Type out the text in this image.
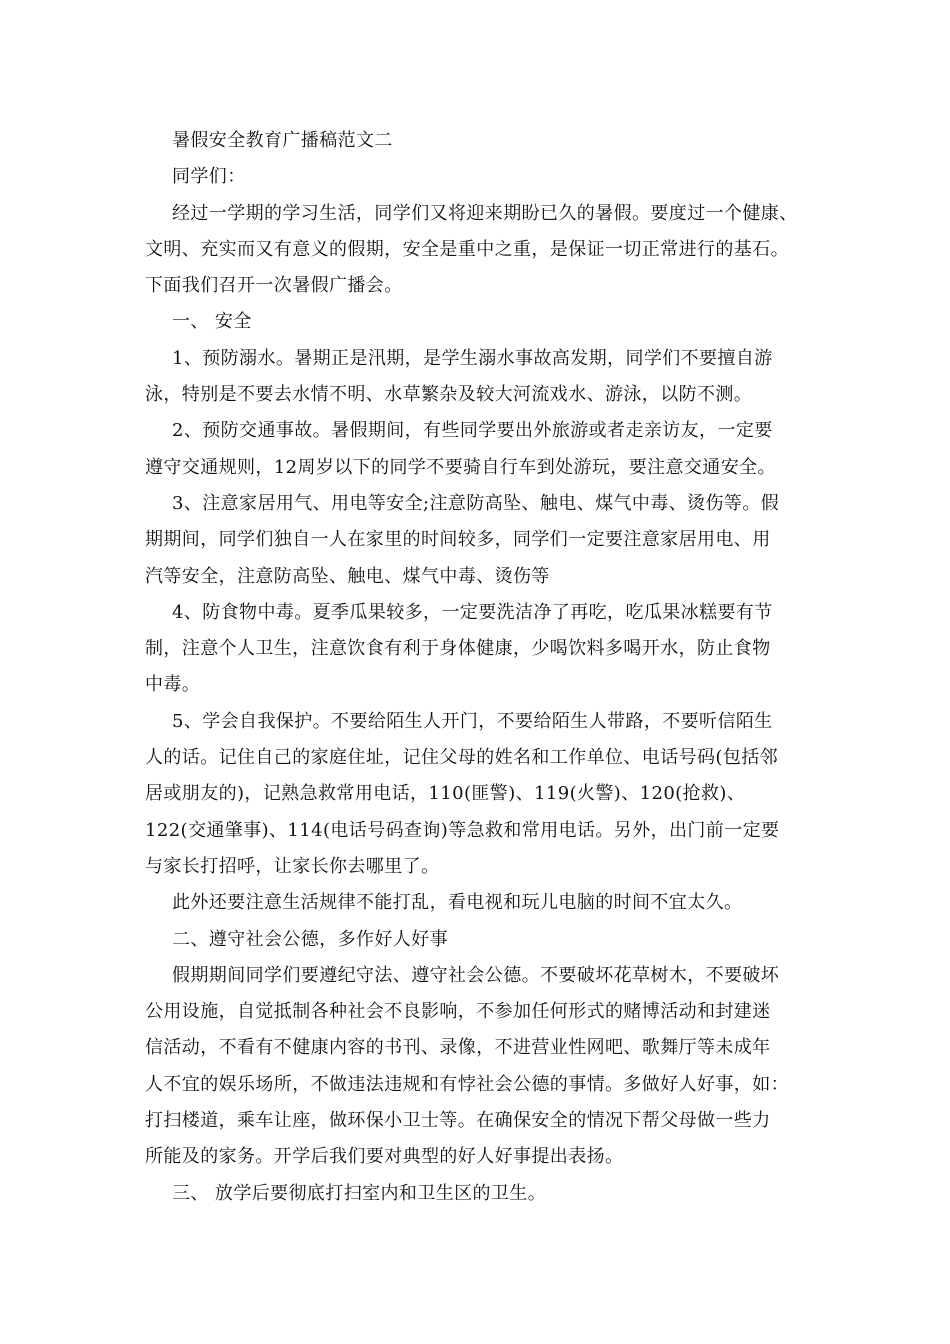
暑假安全教育广播稿范文二
同学们：
经过一学期的学习生活，同学们又将迎来期盼已久的暑假。要度过一个健康、
文明、充实而又有意义的假期，安全是重中之重，是保证一切正常进行的基石。
下面我们召开一次暑假广播会。
一、 安全
1、预防溺水。暑期正是汛期，是学生溺水事故高发期，同学们不要擅自游
泳，特别是不要去水情不明、水草繁杂及较大河流戏水、游泳，以防不测。
2、预防交通事故。暑假期间，有些同学要出外旅游或者走亲访友，一定要
遵守交通规则，12周岁以下的同学不要骑自行车到处游玩，要注意交通安全。
3、注意家居用气、用电等安全;注意防高坠、触电、煤气中毒、烫伤等。假
期期间，同学们独自一人在家里的时间较多，同学们一定要注意家居用电、用
汽等安全，注意防高坠、触电、煤气中毒、烫伤等
4、防食物中毒。夏季瓜果较多，一定要洗洁净了再吃，吃瓜果冰糕要有节
制，注意个人卫生，注意饮食有利于身体健康，少喝饮料多喝开水，防止食物
中毒。
5、学会自我保护。不要给陌生人开门，不要给陌生人带路，不要听信陌生
人的话。记住自己的家庭住址，记住父母的姓名和工作单位、电话号码(包括邻
居或朋友的)，记熟急救常用电话，110(匪警)、119(火警)、120(抢救)、
122(交通肇事)、114(电话号码查询)等急救和常用电话。另外，出门前一定要
与家长打招呼，让家长你去哪里了。
此外还要注意生活规律不能打乱，看电视和玩儿电脑的时间不宜太久。
二、遵守社会公德，多作好人好事
假期期间同学们要遵纪守法、遵守社会公德。不要破坏花草树木，不要破坏
公用设施，自觉抵制各种社会不良影响，不参加任何形式的赌博活动和封建迷
信活动，不看有不健康内容的书刊、录像，不进营业性网吧、歌舞厅等未成年
人不宜的娱乐场所，不做违法违规和有悖社会公德的事情。多做好人好事，如：
打扫楼道，乘车让座，做环保小卫士等。在确保安全的情况下帮父母做一些力
所能及的家务。开学后我们要对典型的好人好事提出表扬。
三、 放学后要彻底打扫室内和卫生区的卫生。
